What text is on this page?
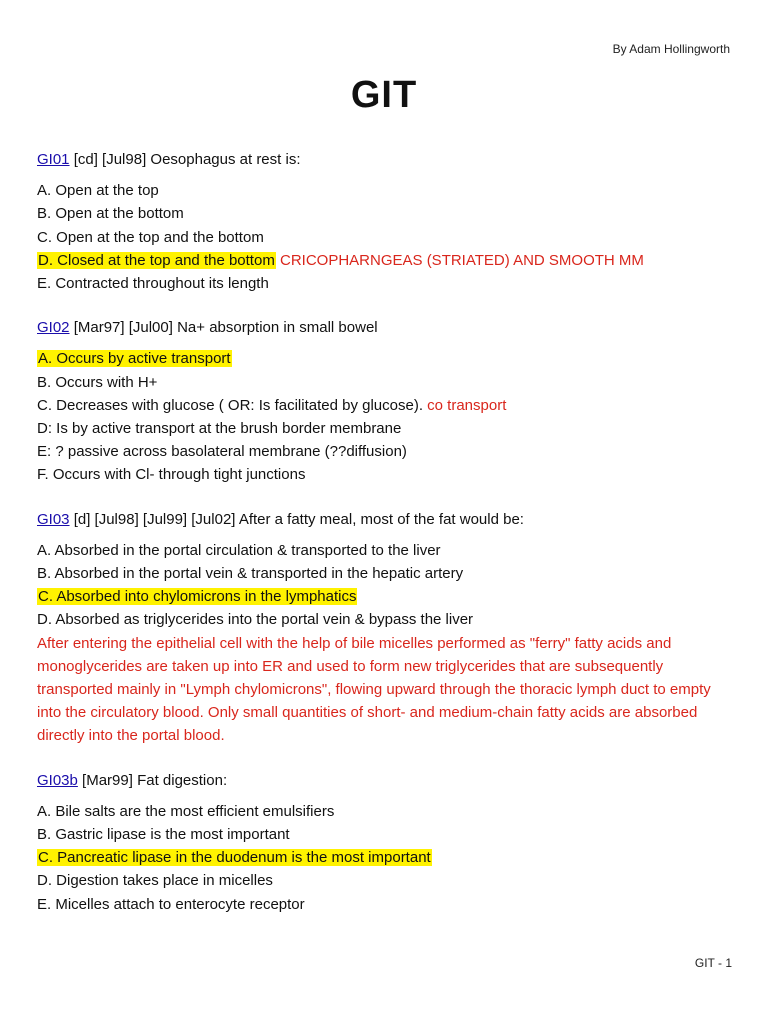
By Adam Hollingworth
GIT
GI01 [cd] [Jul98] Oesophagus at rest is:
A. Open at the top
B. Open at the bottom
C. Open at the top and the bottom
D. Closed at the top and the bottom CRICOPHARNGEAS (STRIATED) AND SMOOTH MM
E. Contracted throughout its length
GI02 [Mar97] [Jul00] Na+ absorption in small bowel
A. Occurs by active transport
B. Occurs with H+
C. Decreases with glucose ( OR: Is facilitated by glucose). co transport
D: Is by active transport at the brush border membrane
E: ? passive across basolateral membrane (??diffusion)
F. Occurs with Cl- through tight junctions
GI03 [d] [Jul98] [Jul99] [Jul02] After a fatty meal, most of the fat would be:
A. Absorbed in the portal circulation & transported to the liver
B. Absorbed in the portal vein & transported in the hepatic artery
C. Absorbed into chylomicrons in the lymphatics
D. Absorbed as triglycerides into the portal vein & bypass the liver
After entering the epithelial cell with the help of bile micelles performed as "ferry" fatty acids and monoglycerides are taken up into ER and used to form new triglycerides that are subsequently transported mainly in "Lymph chylomicrons", flowing upward through the thoracic lymph duct to empty into the circulatory blood. Only small quantities of short- and medium-chain fatty acids are absorbed directly into the portal blood.
GI03b [Mar99] Fat digestion:
A. Bile salts are the most efficient emulsifiers
B. Gastric lipase is the most important
C. Pancreatic lipase in the duodenum is the most important
D. Digestion takes place in micelles
E. Micelles attach to enterocyte receptor
GIT - 1
